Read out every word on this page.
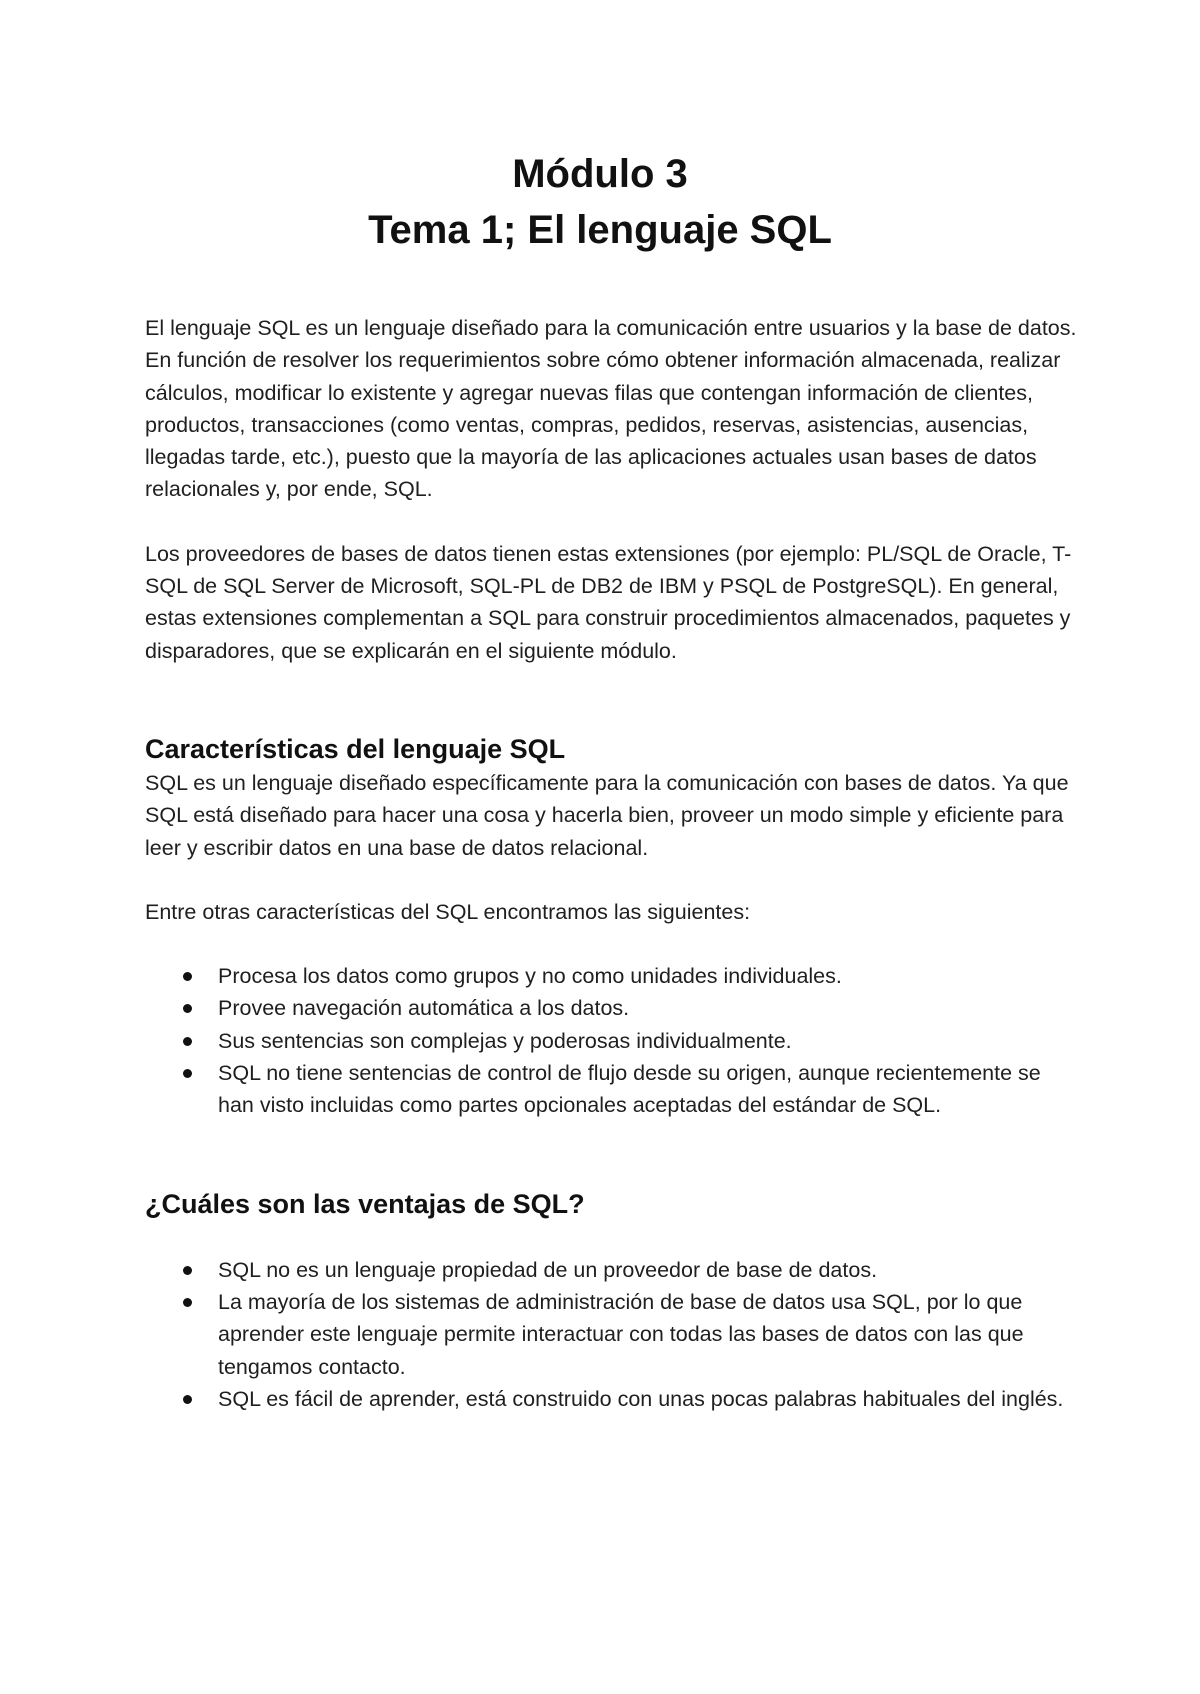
Módulo 3
Tema 1; El lenguaje SQL

El lenguaje SQL es un lenguaje diseñado para la comunicación entre usuarios y la base de datos. En función de resolver los requerimientos sobre cómo obtener información almacenada, realizar cálculos, modificar lo existente y agregar nuevas filas que contengan información de clientes, productos, transacciones (como ventas, compras, pedidos, reservas, asistencias, ausencias, llegadas tarde, etc.), puesto que la mayoría de las aplicaciones actuales usan bases de datos relacionales y, por ende, SQL.

Los proveedores de bases de datos tienen estas extensiones (por ejemplo: PL/SQL de Oracle, T-SQL de SQL Server de Microsoft, SQL-PL de DB2 de IBM y PSQL de PostgreSQL). En general, estas extensiones complementan a SQL para construir procedimientos almacenados, paquetes y disparadores, que se explicarán en el siguiente módulo.

Características del lenguaje SQL

SQL es un lenguaje diseñado específicamente para la comunicación con bases de datos. Ya que SQL está diseñado para hacer una cosa y hacerla bien, proveer un modo simple y eficiente para leer y escribir datos en una base de datos relacional.

Entre otras características del SQL encontramos las siguientes:

Procesa los datos como grupos y no como unidades individuales.
Provee navegación automática a los datos.
Sus sentencias son complejas y poderosas individualmente.
SQL no tiene sentencias de control de flujo desde su origen, aunque recientemente se han visto incluidas como partes opcionales aceptadas del estándar de SQL.
¿Cuáles son las ventajas de SQL?
SQL no es un lenguaje propiedad de un proveedor de base de datos.
La mayoría de los sistemas de administración de base de datos usa SQL, por lo que aprender este lenguaje permite interactuar con todas las bases de datos con las que tengamos contacto.
SQL es fácil de aprender, está construido con unas pocas palabras habituales del inglés.
